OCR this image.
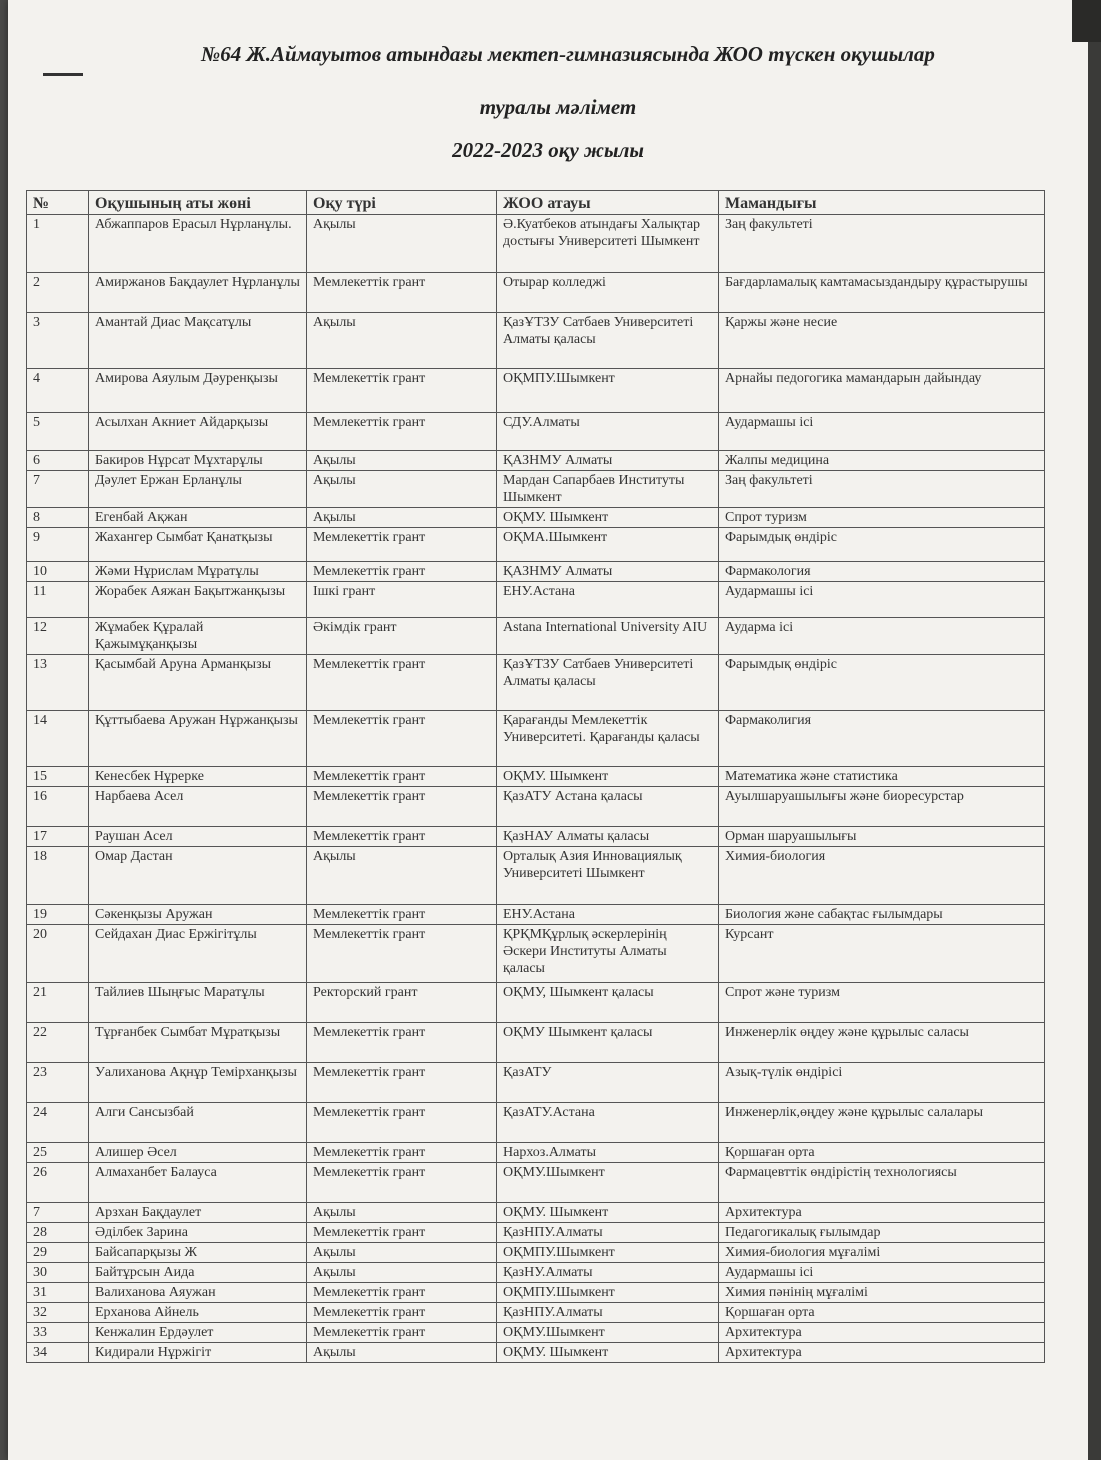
№64 Ж.Аймауытов атындағы мектеп-гимназиясында ЖОО түскен оқушылар
туралы мәлімет
2022-2023 оқу жылы
№	Оқушының аты жөні	Оқу түрі	ЖОО атауы	Мамандығы
1	Абжаппаров Ерасыл Нұрланұлы.	Ақылы	Ә.Куатбеков атындағы Халықтар достығы Университеті Шымкент	Заң факультеті
2	Амиржанов Бақдаулет Нұрланұлы	Мемлекеттік грант	Отырар колледжі	Бағдарламалық камтамасыздандыру құрастырушы
3	Амантай Диас Мақсатұлы	Ақылы	ҚазҰТЗУ Сатбаев Университеті Алматы қаласы	Қаржы және несие
4	Амирова Аяулым Дәуренқызы	Мемлекеттік грант	ОҚМПУ.Шымкент	Арнайы педогогика мамандарын дайындау
5	Асылхан Акниет Айдарқызы	Мемлекеттік грант	СДУ.Алматы	Аудармашы ісі
6	Бакиров Нұрсат Мұхтарұлы	Ақылы	ҚАЗНМУ Алматы	Жалпы медицина
7	Дәулет Ержан Ерланұлы	Ақылы	Мардан Сапарбаев Институты Шымкент	Заң факультеті
8	Егенбай Ақжан	Ақылы	ОҚМУ. Шымкент	Спрот туризм
9	Жахангер Сымбат Қанатқызы	Мемлекеттік грант	ОҚМА.Шымкент	Фарымдық өндіріс
10	Жәми Нұрислам Мұратұлы	Мемлекеттік грант	ҚАЗНМУ Алматы	Фармакология
11	Жорабек Аяжан Бақытжанқызы	Ішкі грант	ЕНУ.Астана	Аудармашы ісі
12	Жұмабек Құралай Қажымұқанқызы	Әкімдік грант	Astana International University AIU	Аударма ісі
13	Қасымбай Аруна Арманқызы	Мемлекеттік грант	ҚазҰТЗУ Сатбаев Университеті Алматы қаласы	Фарымдық өндіріс
14	Құттыбаева Аружан Нұржанқызы	Мемлекеттік грант	Қарағанды Мемлекеттік Университеті. Қарағанды қаласы	Фармаколигия
15	Кенесбек Нұрерке	Мемлекеттік грант	ОҚМУ. Шымкент	Математика және статистика
16	Нарбаева Асел	Мемлекеттік грант	ҚазАТУ Астана қаласы	Ауылшаруашылығы және биоресурстар
17	Раушан Асел	Мемлекеттік грант	ҚазНАУ Алматы қаласы	Орман шаруашылығы
18	Омар Дастан	Ақылы	Орталық Азия Инновациялық Университеті Шымкент	Химия-биология
19	Сәкенқызы Аружан	Мемлекеттік грант	ЕНУ.Астана	Биология және сабақтас ғылымдары
20	Сейдахан Диас Ержігітұлы	Мемлекеттік грант	ҚРҚМҚұрлық әскерлерінің Әскери Институты Алматы қаласы	Курсант
21	Тайлиев Шыңғыс Маратұлы	Ректорский грант	ОҚМУ, Шымкент қаласы	Спрот және туризм
22	Тұрғанбек Сымбат Мұратқызы	Мемлекеттік грант	ОҚМУ Шымкент қаласы	Инженерлік өңдеу және құрылыс саласы
23	Уалиханова Ақнұр Темірханқызы	Мемлекеттік грант	ҚазАТУ	Азық-түлік өндірісі
24	Алги Сансызбай	Мемлекеттік грант	ҚазАТУ.Астана	Инженерлік,өңдеу және құрылыс салалары
25	Алишер Әсел	Мемлекеттік грант	Нархоз.Алматы	Қоршаған орта
26	Алмаханбет Балауса	Мемлекеттік грант	ОҚМУ.Шымкент	Фармацевттік өндірістің технологиясы
7	Арзхан Бақдаулет	Ақылы	ОҚМУ. Шымкент	Архитектура
28	Әділбек Зарина	Мемлекеттік грант	ҚазНПУ.Алматы	Педагогикалық ғылымдар
29	Байсапарқызы Ж	Ақылы	ОҚМПУ.Шымкент	Химия-биология мұғалімі
30	Байтұрсын Аида	Ақылы	ҚазНУ.Алматы	Аудармашы ісі
31	Валиханова Аяужан	Мемлекеттік грант	ОҚМПУ.Шымкент	Химия пәнінің мұғалімі
32	Ерханова Айнель	Мемлекеттік грант	ҚазНПУ.Алматы	Қоршаған орта
33	Кенжалин Ердәулет	Мемлекеттік грант	ОҚМУ.Шымкент	Архитектура
34	Кидирали Нұржігіт	Ақылы	ОҚМУ. Шымкент	Архитектура
